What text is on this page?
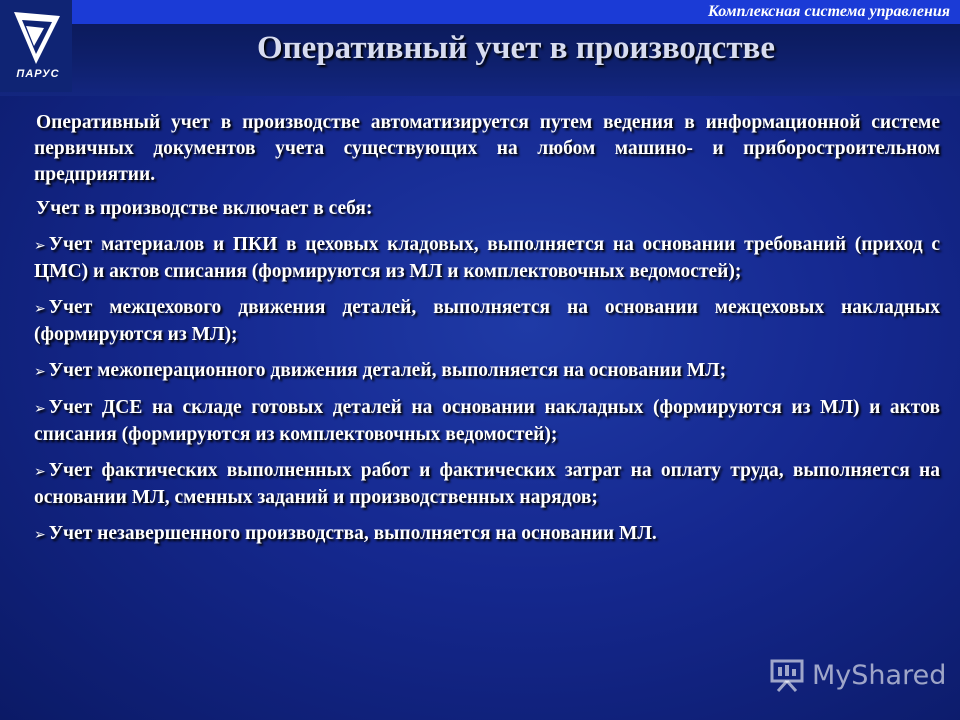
ПАРУС
Комплексная система управления
Оперативный учет в производстве

Оперативный учет в производстве автоматизируется путем ведения в информационной системе первичных документов учета существующих на любом машино- и приборостроительном предприятии.

Учет в производстве включает в себя:

➢ Учет материалов и ПКИ в цеховых кладовых, выполняется на основании требований (приход с ЦМС) и актов списания (формируются из МЛ и комплектовочных ведомостей);

➢ Учет межцехового движения деталей, выполняется на основании межцеховых накладных (формируются из МЛ);

➢ Учет межоперационного движения деталей, выполняется на основании МЛ;

➢ Учет ДСЕ на складе готовых деталей на основании накладных (формируются из МЛ) и актов списания (формируются из комплектовочных ведомостей);

➢ Учет фактических выполненных работ и фактических затрат на оплату труда, выполняется на основании МЛ, сменных заданий и производственных нарядов;

➢ Учет незавершенного производства, выполняется на основании МЛ.

MyShared
